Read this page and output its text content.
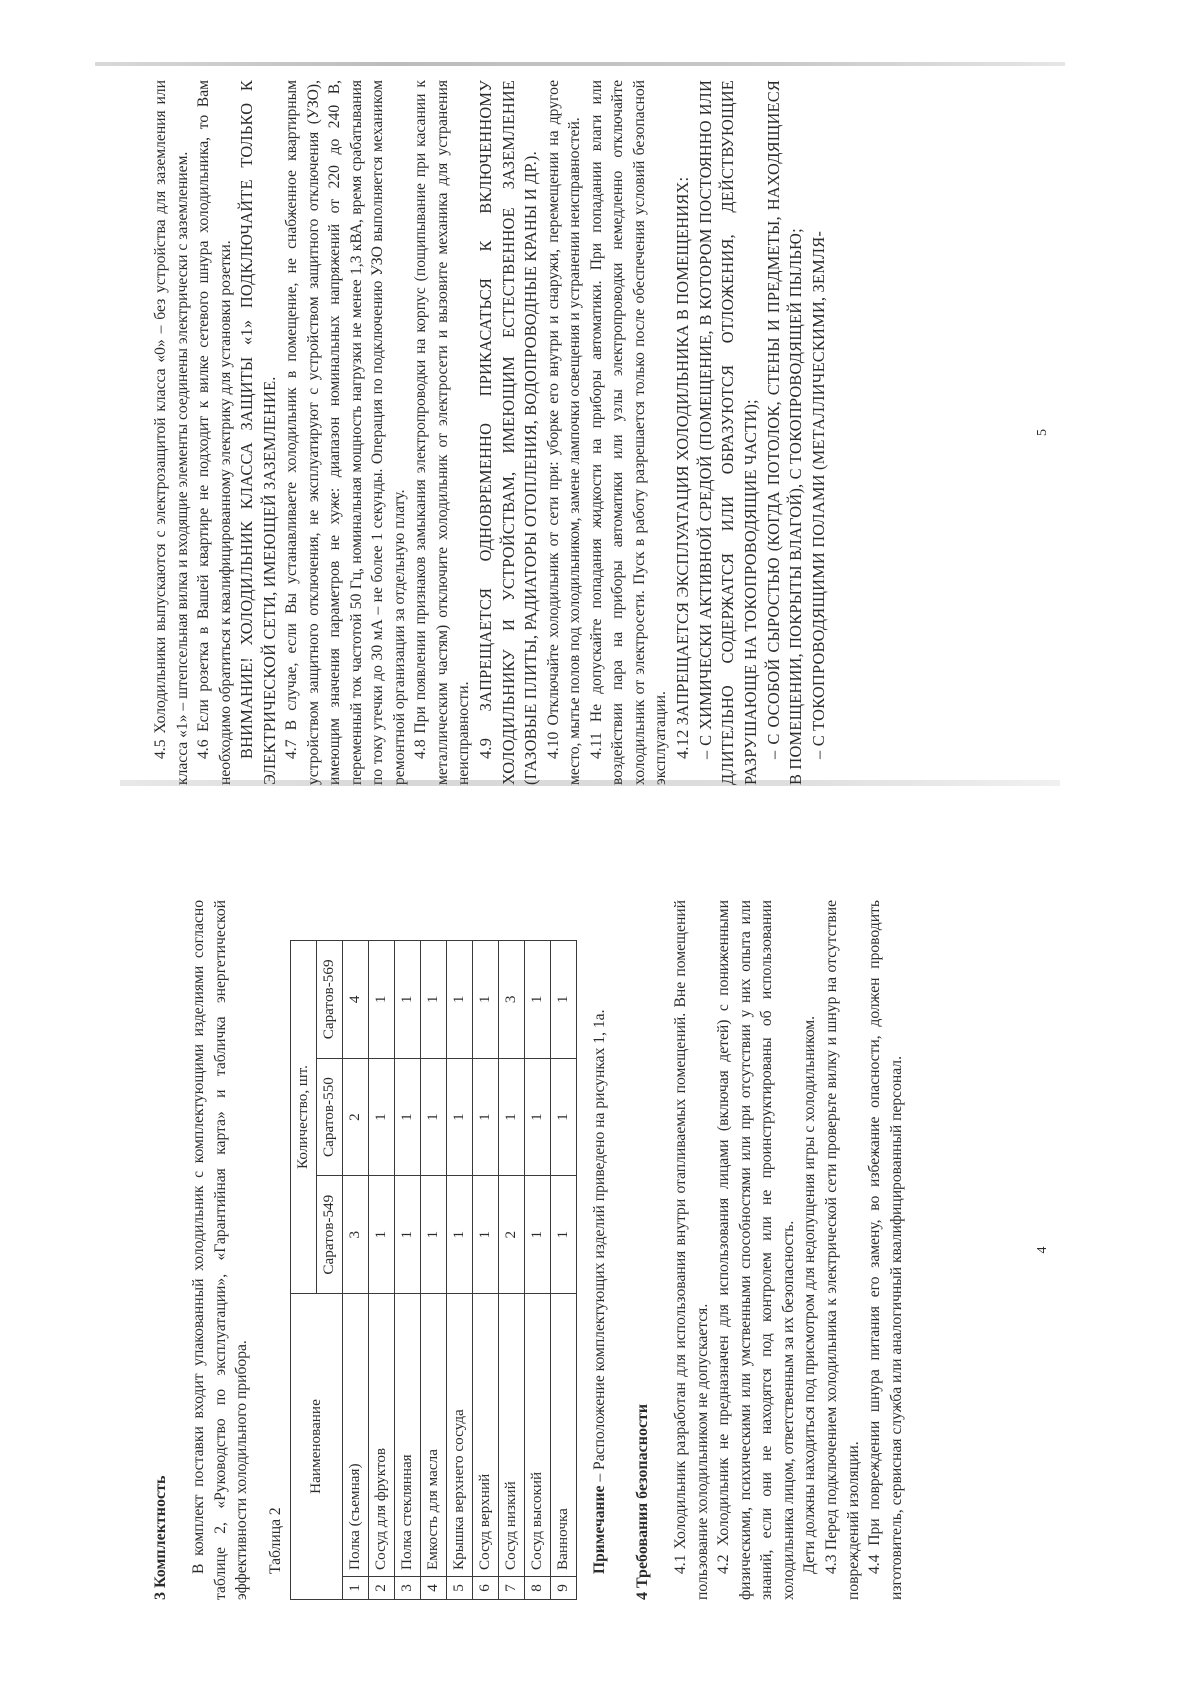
3 Комплектность В комплект поставки входит упакованный холодильник с комплектующими изделиями согласно таблице 2, «Руководство по эксплуатации», «Гарантийная карта» и табличка энергетической эффективности холодильного прибора. Таблица 2

Наименование		Количество, шт.		
		Саратов-549	Саратов-550	Саратов-569
1	Полка (съемная)	3	2	4
2	Сосуд для фруктов	1	1	1
3	Полка стеклянная	1	1	1
4	Емкость для масла	1	1	1
5	Крышка верхнего сосуда	1	1	1
6	Сосуд верхний	1	1	1
7	Сосуд низкий	2	1	3
8	Сосуд высокий	1	1	1
9	Ванночка	1	1	1

Примечание – Расположение комплектующих изделий приведено на рисунках 1, 1а.

4 Требования безопасности 4.1 Холодильник разработан для использования внутри отапливаемых помещений. Вне помещений пользование холодильником не допускается. 4.2 Холодильник не предназначен для использования лицами (включая детей) с пониженными физическими, психическими или умственными способностями или при отсутствии у них опыта или знаний, если они не находятся под контролем или не проинструктированы об использовании холодильника лицом, ответственным за их безопасность. Дети должны находиться под присмотром для недопущения игры с холодильником. 4.3 Перед подключением холодильника к электрической сети проверьте вилку и шнур на отсутствие повреждений изоляции. 4.4 При повреждении шнура питания его замену, во избежание опасности, должен проводить изготовитель, сервисная служба или аналогичный квалифицированный персонал.	4

4.5 Холодильники выпускаются с электрозащитой класса «0» – без устройства для заземления или класса «1» – штепсельная вилка и входящие элементы соединены электрически с заземлением. 4.6 Если розетка в Вашей квартире не подходит к вилке сетевого шнура холодильника, то Вам необходимо обратиться к квалифицированному электрику для установки розетки. ВНИМАНИЕ! ХОЛОДИЛЬНИК КЛАССА ЗАЩИТЫ «1» ПОДКЛЮЧАЙТЕ ТОЛЬКО К ЭЛЕКТРИЧЕСКОЙ СЕТИ, ИМЕЮЩЕЙ ЗАЗЕМЛЕНИЕ. 4.7 В случае, если Вы устанавливаете холодильник в помещение, не снабженное квартирным устройством защитного отключения, не эксплуатируют с устройством защитного отключения (УЗО), имеющим значения параметров не хуже: диапазон номинальных напряжений от 220 до 240 В, переменный ток частотой 50 Гц, номинальная мощность нагрузки не менее 1,3 кВА, время срабатывания по току утечки до 30 мА – не более 1 секунды. Операция по подключению УЗО выполняется механиком ремонтной организации за отдельную плату. 4.8 При появлении признаков замыкания электропроводки на корпус (пощипывание при касании к металлическим частям) отключите холодильник от электросети и вызовите механика для устранения неисправности. 4.9 ЗАПРЕЩАЕТСЯ ОДНОВРЕМЕННО ПРИКАСАТЬСЯ К ВКЛЮЧЕННОМУ ХОЛОДИЛЬНИКУ И УСТРОЙСТВАМ, ИМЕЮЩИМ ЕСТЕСТВЕННОЕ ЗАЗЕМЛЕНИЕ (ГАЗОВЫЕ ПЛИТЫ, РАДИАТОРЫ ОТОПЛЕНИЯ, ВОДОПРОВОДНЫЕ КРАНЫ И ДР.). 4.10 Отключайте холодильник от сети при: уборке его внутри и снаружи, перемещении на другое место, мытье полов под холодильником, замене лампочки освещения и устранении неисправностей. 4.11 Не допускайте попадания жидкости на приборы автоматики. При попадании влаги или воздействии пара на приборы автоматики или узлы электропроводки немедленно отключайте холодильник от электросети. Пуск в работу разрешается только после обеспечения условий безопасной эксплуатации. 4.12 ЗАПРЕЩАЕТСЯ ЭКСПЛУАТАЦИЯ ХОЛОДИЛЬНИКА В ПОМЕЩЕНИЯХ: – С ХИМИЧЕСКИ АКТИВНОЙ СРЕДОЙ (ПОМЕЩЕНИЕ, В КОТОРОМ ПОСТОЯННО ИЛИ ДЛИТЕЛЬНО СОДЕРЖАТСЯ ИЛИ ОБРАЗУЮТСЯ ОТЛОЖЕНИЯ, ДЕЙСТВУЮЩИЕ РАЗРУШАЮЩЕ НА ТОКОПРОВОДЯЩИЕ ЧАСТИ); – С ОСОБОЙ СЫРОСТЬЮ (КОГДА ПОТОЛОК, СТЕНЫ И ПРЕДМЕТЫ, НАХОДЯЩИЕСЯ В ПОМЕЩЕНИИ, ПОКРЫТЫ ВЛАГОЙ), С ТОКОПРОВОДЯЩЕЙ ПЫЛЬЮ; – С ТОКОПРОВОДЯЩИМИ ПОЛАМИ (МЕТАЛЛИЧЕСКИМИ, ЗЕМЛЯ-	5
